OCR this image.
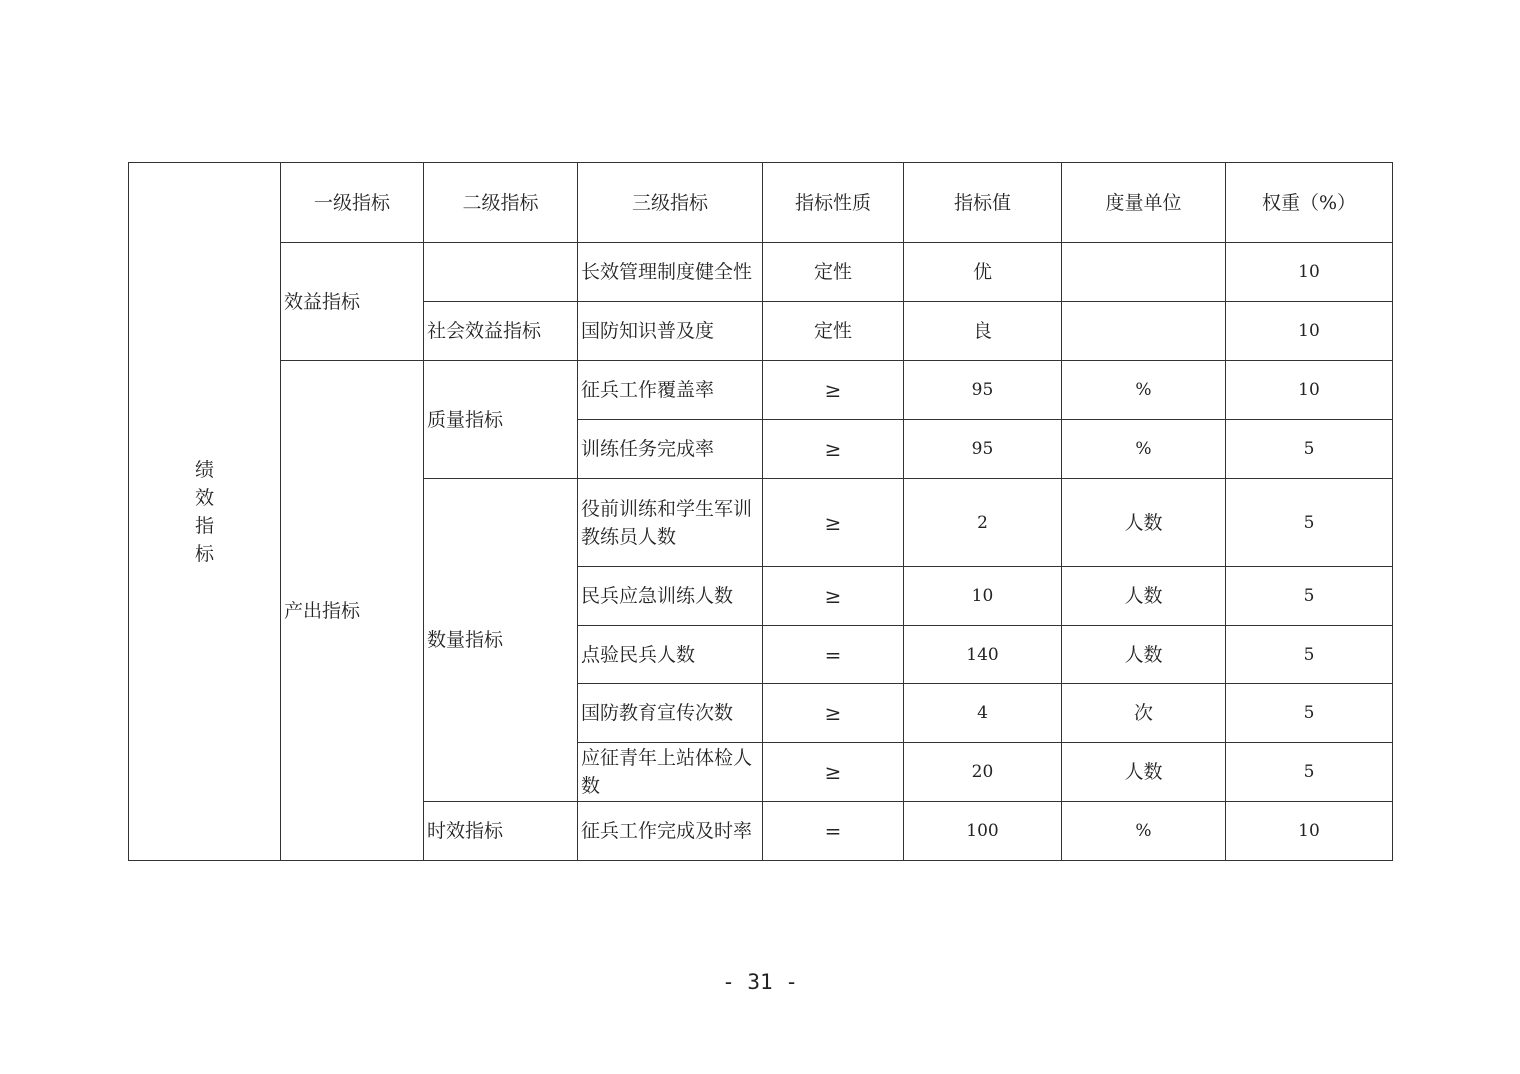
绩
效
指
标	一级指标	二级指标	三级指标	指标性质	指标值	度量单位	权重（%）
	效益指标		长效管理制度健全性	定性	优		10
		社会效益指标	国防知识普及度	定性	良		10
	产出指标	质量指标	征兵工作覆盖率	≥	95	%	10
			训练任务完成率	≥	95	%	5
		数量指标	役前训练和学生军训教练员人数	≥	2	人数	5
			民兵应急训练人数	≥	10	人数	5
			点验民兵人数	=	140	人数	5
			国防教育宣传次数	≥	4	次	5
			应征青年上站体检人数	≥	20	人数	5
		时效指标	征兵工作完成及时率	=	100	%	10
- 31 -
